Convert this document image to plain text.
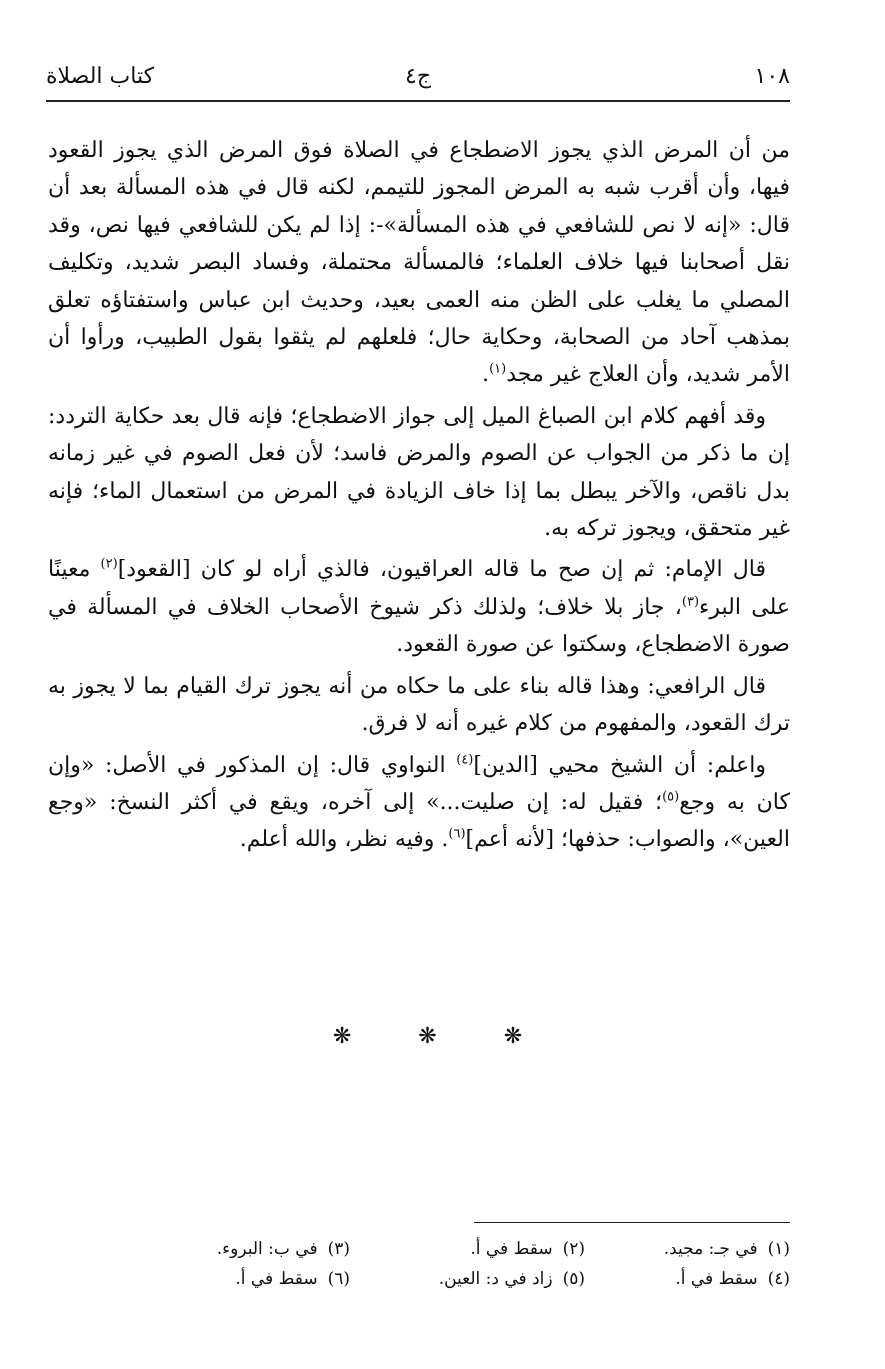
١٠٨
ج٤
كتاب الصلاة

من أن المرض الذي يجوز الاضطجاع في الصلاة فوق المرض الذي يجوز القعود فيها، وأن أقرب شبه به المرض المجوز للتيمم، لكنه قال في هذه المسألة بعد أن قال: «إنه لا نص للشافعي في هذه المسألة»-: إذا لم يكن للشافعي فيها نص، وقد نقل أصحابنا فيها خلاف العلماء؛ فالمسألة محتملة، وفساد البصر شديد، وتكليف المصلي ما يغلب على الظن منه العمى بعيد، وحديث ابن عباس واستفتاؤه تعلق بمذهب آحاد من الصحابة، وحكاية حال؛ فلعلهم لم يثقوا بقول الطبيب، ورأوا أن الأمر شديد، وأن العلاج غير مجد$^{(١)}$.

وقد أفهم كلام ابن الصباغ الميل إلى جواز الاضطجاع؛ فإنه قال بعد حكاية التردد: إن ما ذكر من الجواب عن الصوم والمرض فاسد؛ لأن فعل الصوم في غير زمانه بدل ناقص، والآخر يبطل بما إذا خاف الزيادة في المرض من استعمال الماء؛ فإنه غير متحقق، ويجوز تركه به.

قال الإمام: ثم إن صح ما قاله العراقيون، فالذي أراه لو كان [القعود]$^{(٢)}$ معينًا على البرء$^{(٣)}$، جاز بلا خلاف؛ ولذلك ذكر شيوخ الأصحاب الخلاف في المسألة في صورة الاضطجاع، وسكتوا عن صورة القعود.

قال الرافعي: وهذا قاله بناء على ما حكاه من أنه يجوز ترك القيام بما لا يجوز به ترك القعود، والمفهوم من كلام غيره أنه لا فرق.

واعلم: أن الشيخ محيي [الدين]$^{(٤)}$ النواوي قال: إن المذكور في الأصل: «وإن كان به وجع$^{(٥)}$؛ فقيل له: إن صليت...» إلى آخره، ويقع في أكثر النسخ: «وجع العين»، والصواب: حذفها؛ [لأنه أعم]$^{(٦)}$. وفيه نظر، والله أعلم.

❋ ❋ ❋
(١)في جـ: مجيد.
(٢)سقط في أ.
(٣)في ب: البروء.
(٤)سقط في أ.
(٥)زاد في د: العين.
(٦)سقط في أ.
